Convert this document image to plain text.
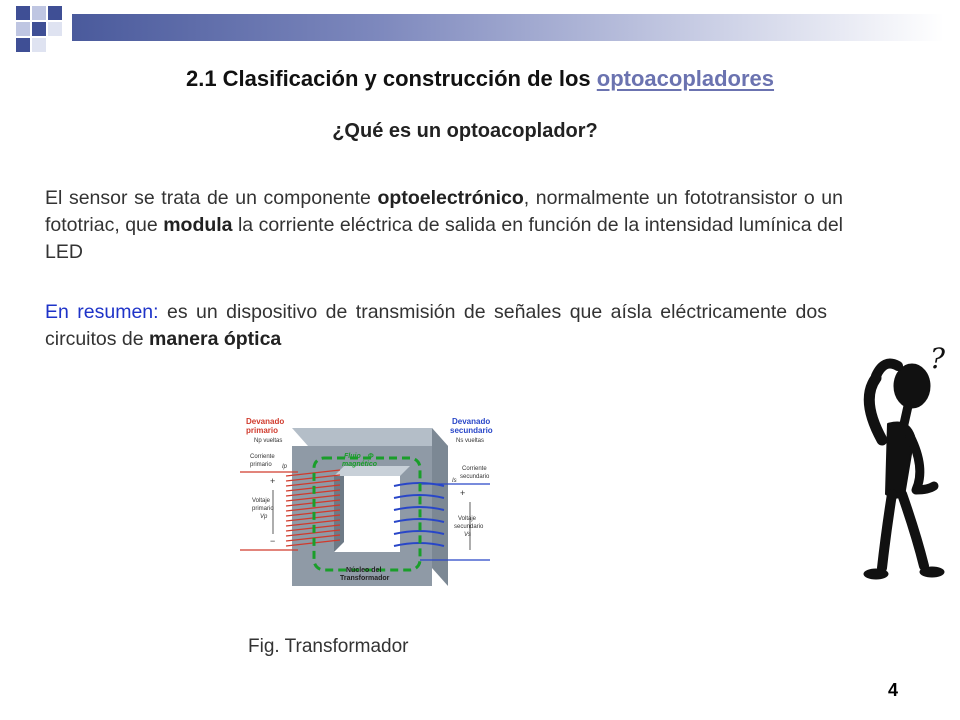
2.1 Clasificación y construcción de los optoacopladores
¿Qué es un optoacoplador?
El sensor se trata de un componente optoelectrónico, normalmente un fototransistor o un fototriac, que modula la corriente eléctrica de salida en función de la intensidad lumínica del LED
En resumen: es un dispositivo de transmisión de señales que aísla eléctricamente dos circuitos de manera óptica
Devanado
primario
Np vueltas
Corriente
primario Ip
+
Voltaje
primario
Vp
−
Devanado
secundario
Ns vueltas
Corriente
secundario
Is
+
Voltaje
secundario
Vs
Flujo Φ
magnético
Núcleo del
Transformador
Fig. Transformador
?
4
